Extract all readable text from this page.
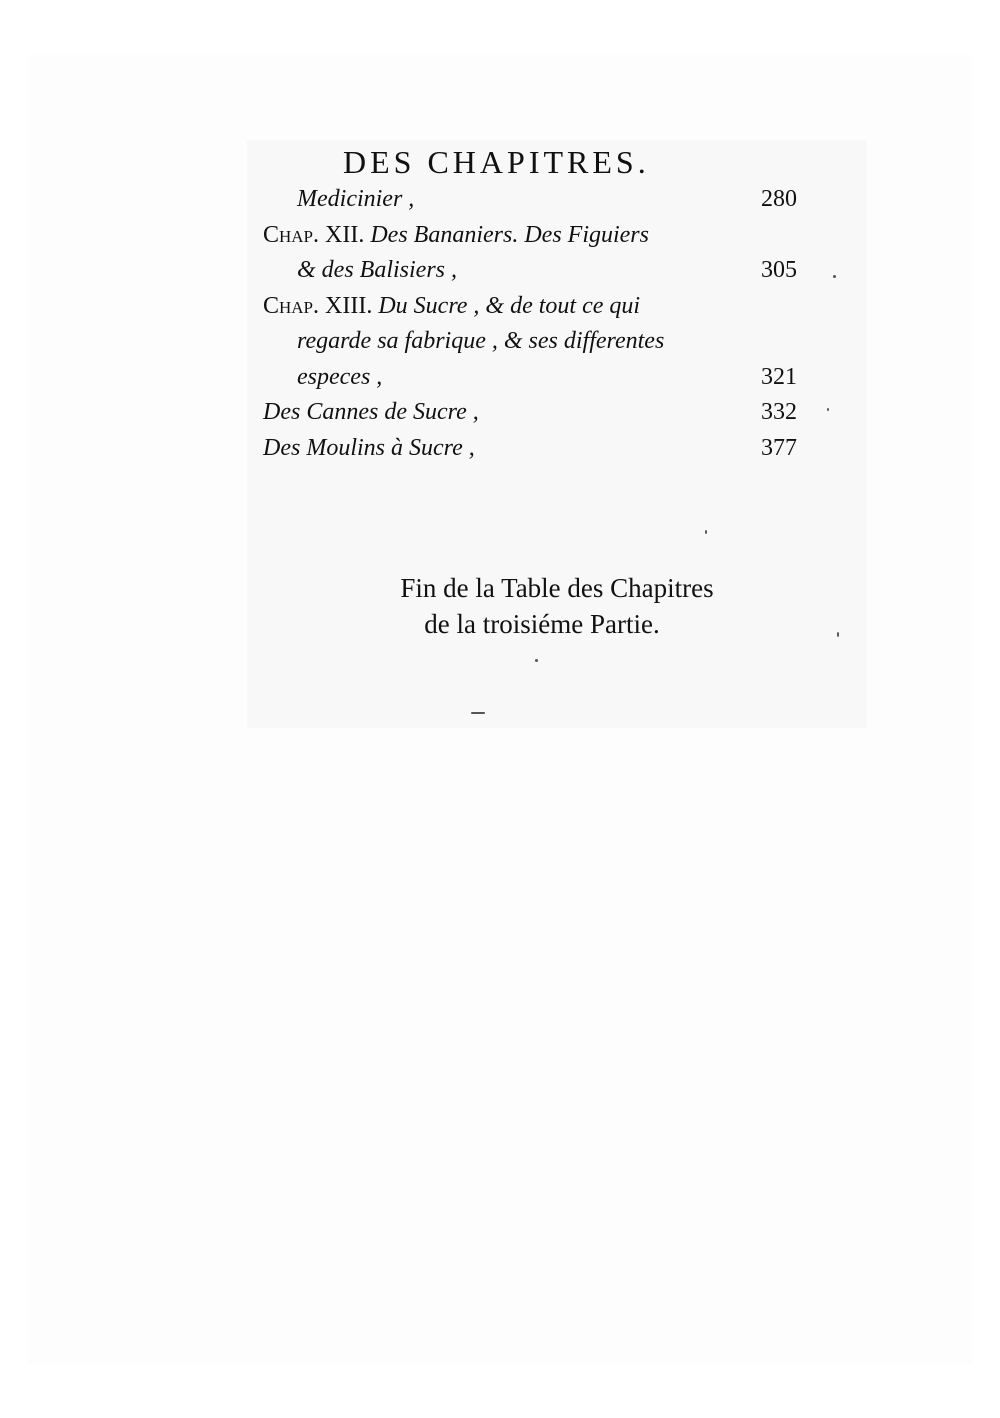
DES CHAPITRES.
Medicinier ,	280
Chap. XII. Des Bananiers. Des Figuiers
& des Balisiers ,	305
Chap. XIII. Du Sucre , & de tout ce qui
regarde sa fabrique , & ses differentes
especes ,	321
Des Cannes de Sucre ,	332
Des Moulins à Sucre ,	377
Fin de la Table des Chapitres
de la troisiéme Partie.
